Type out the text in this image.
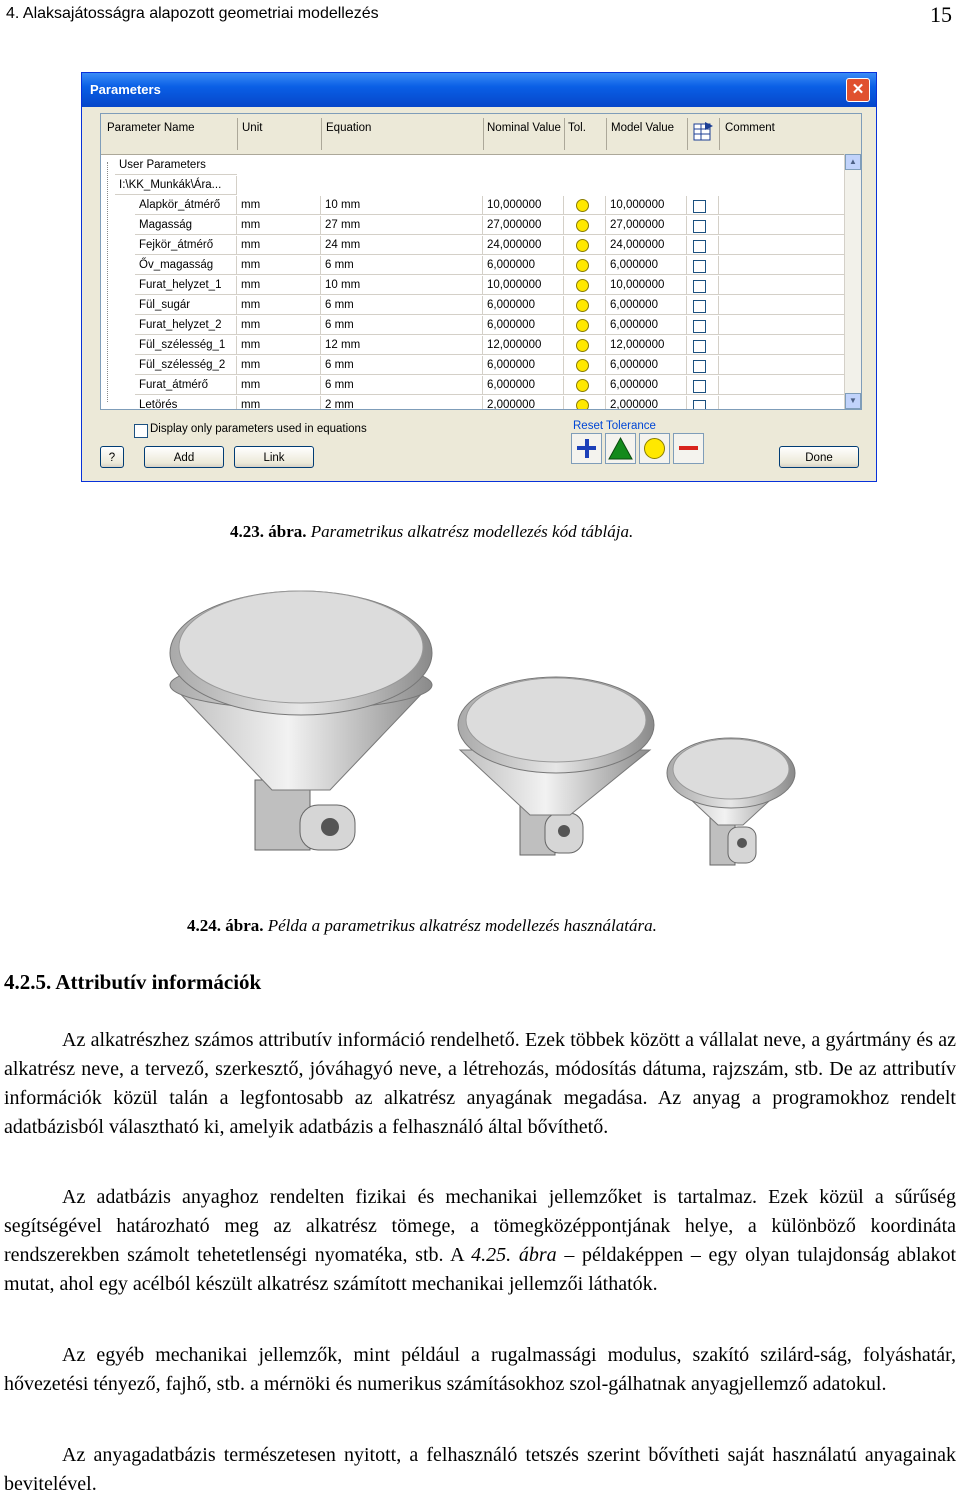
4. Alaksajátosságra alapozott geometriai modellezés	15
Parameters	✕
Parameter Name	Unit	Equation	Nominal Value Tol. Model Value	Comment
User Parameters
I:\KK_Munkák\Ára...
Alapkör_átmérő	mm	10 mm	10,000000	10,000000
Magasság	mm	27 mm	27,000000	27,000000
Fejkör_átmérő	mm	24 mm	24,000000	24,000000
Őv_magasság	mm	6 mm	6,000000	6,000000
Furat_helyzet_1	mm	10 mm	10,000000	10,000000
Fül_sugár	mm	6 mm	6,000000	6,000000
Furat_helyzet_2	mm	6 mm	6,000000	6,000000
Fül_szélesség_1	mm	12 mm	12,000000	12,000000
Fül_szélesség_2	mm	6 mm	6,000000	6,000000
Furat_átmérő	mm	6 mm	6,000000	6,000000
Letörés	mm	2 mm	2,000000	2,000000
▲
▼
Display only parameters used in equations	Reset Tolerance
?	Add	Link	Done
4.23. ábra. Parametrikus alkatrész modellezés kód táblája.
4.24. ábra. Példa a parametrikus alkatrész modellezés használatára.
4.2.5. Attributív információk
Az alkatrészhez számos attributív információ rendelhető. Ezek többek között a vállalat neve, a gyártmány és az alkatrész neve, a tervező, szerkesztő, jóváhagyó neve, a létrehozás, módosítás dátuma, rajzszám, stb. De az attributív információk közül talán a legfontosabb az alkatrész anyagának megadása. Az anyag a programokhoz rendelt adatbázisból választható ki, amelyik adatbázis a felhasználó által bővíthető.
Az adatbázis anyaghoz rendelten fizikai és mechanikai jellemzőket is tartalmaz. Ezek közül a sűrűség segítségével határozható meg az alkatrész tömege, a tömegközéppontjának helye, a különböző koordináta rendszerekben számolt tehetetlenségi nyomatéka, stb. A 4.25. ábra – példaképpen – egy olyan tulajdonság ablakot mutat, ahol egy acélból készült alkatrész számított mechanikai jellemzői láthatók.
Az egyéb mechanikai jellemzők, mint például a rugalmassági modulus, szakító szilárd-ság, folyáshatár, hővezetési tényező, fajhő, stb. a mérnöki és numerikus számításokhoz szol-gálhatnak anyagjellemző adatokul.
Az anyagadatbázis természetesen nyitott, a felhasználó tetszés szerint bővítheti saját használatú anyagainak bevitelével.
